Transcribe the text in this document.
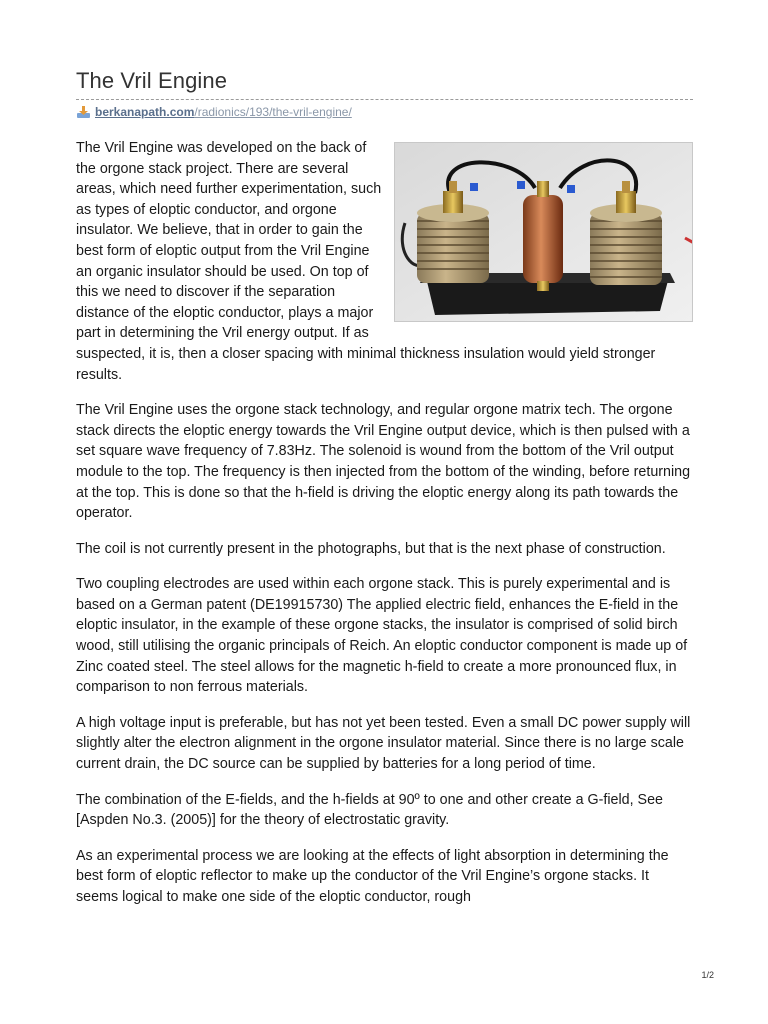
The Vril Engine
berkanapath.com /radionics/193/the-vril-engine/

The Vril Engine was developed on the back of the orgone stack project. There are several areas, which need further experimentation, such as types of eloptic conductor, and orgone insulator. We believe, that in order to gain the best form of eloptic output from the Vril Engine an organic insulator should be used. On top of this we need to discover if the separation distance of the eloptic conductor, plays a major part in determining the Vril energy output. If as suspected, it is, then a closer spacing with minimal thickness insulation would yield stronger results.

The Vril Engine uses the orgone stack technology, and regular orgone matrix tech. The orgone stack directs the eloptic energy towards the Vril Engine output device, which is then pulsed with a set square wave frequency of 7.83Hz. The solenoid is wound from the bottom of the Vril output module to the top. The frequency is then injected from the bottom of the winding, before returning at the top. This is done so that the h-field is driving the eloptic energy along its path towards the operator.

The coil is not currently present in the photographs, but that is the next phase of construction.

Two coupling electrodes are used within each orgone stack. This is purely experimental and is based on a German patent (DE19915730) The applied electric field, enhances the E-field in the eloptic insulator, in the example of these orgone stacks, the insulator is comprised of solid birch wood, still utilising the organic principals of Reich. An eloptic conductor component is made up of Zinc coated steel. The steel allows for the magnetic h-field to create a more pronounced flux, in comparison to non ferrous materials.

A high voltage input is preferable, but has not yet been tested. Even a small DC power supply will slightly alter the electron alignment in the orgone insulator material. Since there is no large scale current drain, the DC source can be supplied by batteries for a long period of time.

The combination of the E-fields, and the h-fields at 90º to one and other create a G-field, See [Aspden No.3. (2005)] for the theory of electrostatic gravity.

As an experimental process we are looking at the effects of light absorption in determining the best form of eloptic reflector to make up the conductor of the Vril Engine’s orgone stacks. It seems logical to make one side of the eloptic conductor, rough

1/2
